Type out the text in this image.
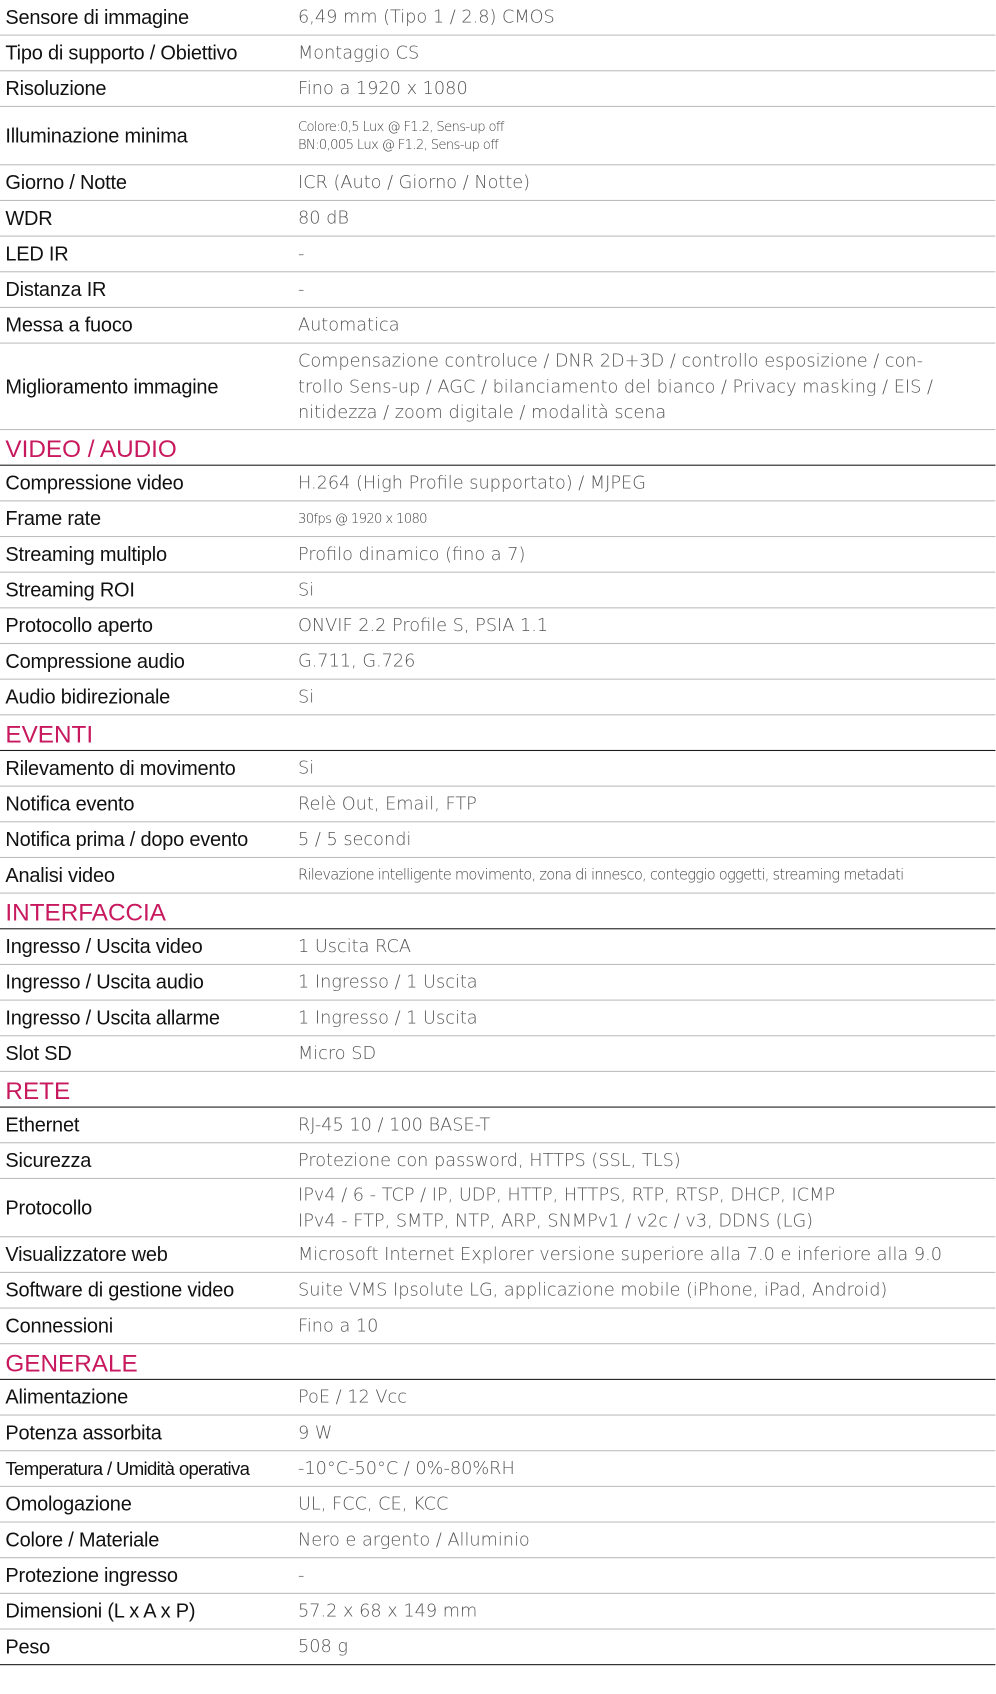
Sensore di immagine	6,49 mm (Tipo 1 / 2.8) CMOS
Tipo di supporto / Obiettivo	Montaggio CS
Risoluzione	Fino a 1920 x 1080
Illuminazione minima	Colore:0,5 Lux @ F1.2, Sens-up off
BN:0,005 Lux @ F1.2, Sens-up off
Giorno / Notte	ICR (Auto / Giorno / Notte)
WDR	80 dB
LED IR	-
Distanza IR	-
Messa a fuoco	Automatica
Miglioramento immagine
Compensazione controluce / DNR 2D+3D / controllo esposizione / con-
trollo Sens-up / AGC / bilanciamento del bianco / Privacy masking / EIS /
nitidezza / zoom digitale / modalità scena
VIDEO / AUDIO
Compressione video	H.264 (High Profile supportato) / MJPEG
Frame rate	30fps @ 1920 x 1080
Streaming multiplo	Profilo dinamico (fino a 7)
Streaming ROI	Si
Protocollo aperto	ONVIF 2.2 Profile S, PSIA 1.1
Compressione audio	G.711, G.726
Audio bidirezionale	Si
EVENTI
Rilevamento di movimento	Si
Notifica evento	Relè Out, Email, FTP
Notifica prima / dopo evento	5 / 5 secondi
Analisi video	Rilevazione intelligente movimento, zona di innesco, conteggio oggetti, streaming metadati
INTERFACCIA
Ingresso / Uscita video	1 Uscita RCA
Ingresso / Uscita audio	1 Ingresso / 1 Uscita
Ingresso / Uscita allarme	1 Ingresso / 1 Uscita
Slot SD	Micro SD
RETE
Ethernet	RJ-45 10 / 100 BASE-T
Sicurezza	Protezione con password, HTTPS (SSL, TLS)
Protocollo
IPv4 / 6 - TCP / IP, UDP, HTTP, HTTPS, RTP, RTSP, DHCP, ICMP
IPv4 - FTP, SMTP, NTP, ARP, SNMPv1 / v2c / v3, DDNS (LG)
Visualizzatore web	Microsoft Internet Explorer versione superiore alla 7.0 e inferiore alla 9.0
Software di gestione video	Suite VMS Ipsolute LG, applicazione mobile (iPhone, iPad, Android)
Connessioni	Fino a 10
GENERALE
Alimentazione	PoE / 12 Vcc
Potenza assorbita	9 W
Temperatura / Umidità operativa	-10°C-50°C / 0%-80%RH
Omologazione	UL, FCC, CE, KCC
Colore / Materiale	Nero e argento / Alluminio
Protezione ingresso	-
Dimensioni (L x A x P)	57.2 x 68 x 149 mm
Peso	508 g
